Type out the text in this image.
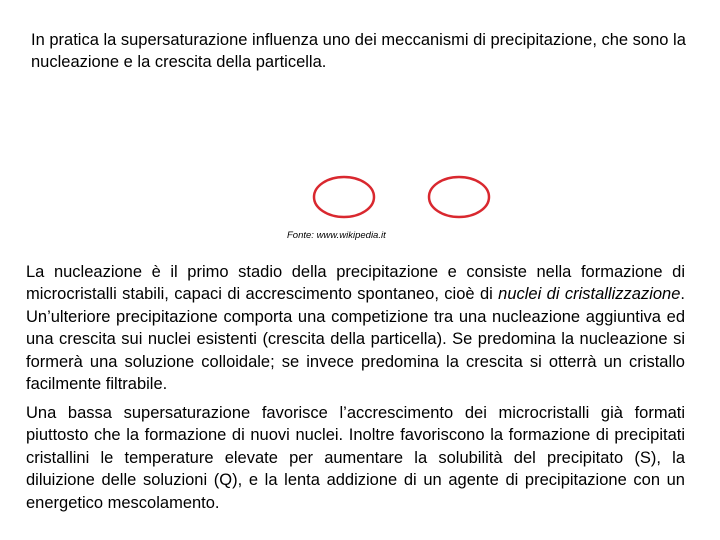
In pratica la supersaturazione influenza uno dei meccanismi di precipitazione, che sono la nucleazione e la crescita della particella.

Fonte: www.wikipedia.it

La nucleazione è il primo stadio della precipitazione e consiste nella formazione di microcristalli stabili, capaci di accrescimento spontaneo, cioè di nuclei di cristallizzazione. Un’ulteriore precipitazione comporta una competizione tra una nucleazione aggiuntiva ed una crescita sui nuclei esistenti (crescita della particella). Se predomina la nucleazione si formerà una soluzione colloidale; se invece predomina la crescita si otterrà un cristallo facilmente filtrabile.

Una bassa supersaturazione favorisce l’accrescimento dei microcristalli già formati piuttosto che la formazione di nuovi nuclei. Inoltre favoriscono la formazione di precipitati cristallini le temperature elevate per aumentare la solubilità del precipitato (S), la diluizione delle soluzioni (Q), e la lenta addizione di un agente di precipitazione con un energetico mescolamento.
